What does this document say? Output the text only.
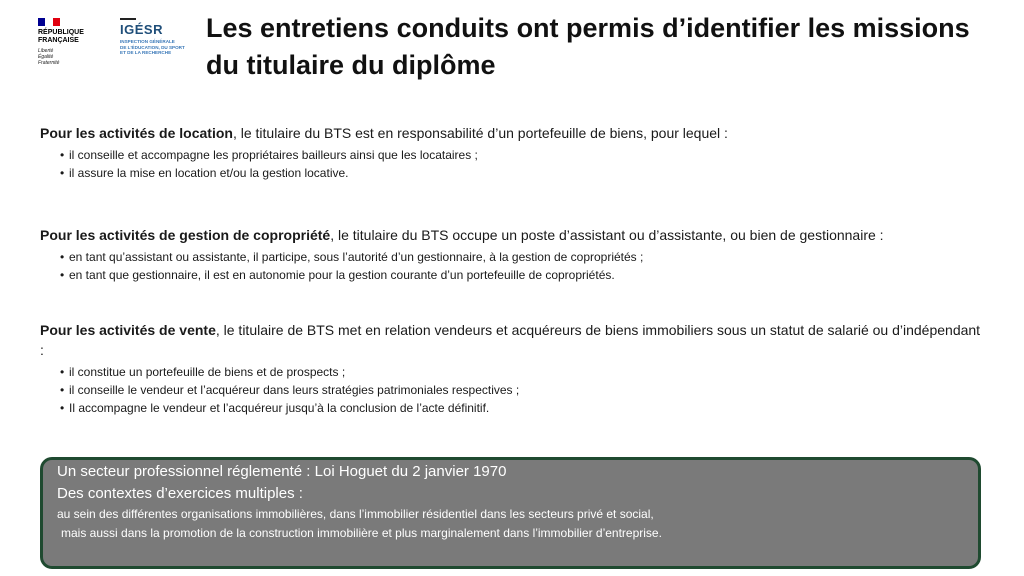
RÉPUBLIQUE
FRANÇAISE
Liberté
Égalité
Fraternité
IGÉSR
INSPECTION GÉNÉRALE
DE L'ÉDUCATION, DU SPORT
ET DE LA RECHERCHE
Les entretiens conduits ont permis d’identifier les missions du titulaire du diplôme

Pour les activités de location, le titulaire du BTS est en responsabilité d’un portefeuille de biens, pour lequel :

• il conseille et accompagne les propriétaires bailleurs ainsi que les locataires ;
• il assure la mise en location et/ou la gestion locative.

Pour les activités de gestion de copropriété, le titulaire du BTS occupe un poste d’assistant ou d’assistante, ou bien de gestionnaire :

• en tant qu’assistant ou assistante, il participe, sous l’autorité d’un gestionnaire, à la gestion de copropriétés ;
• en tant que gestionnaire, il est en autonomie pour la gestion courante d’un portefeuille de copropriétés.

Pour les activités de vente, le titulaire de BTS met en relation vendeurs et acquéreurs de biens immobiliers sous un statut de salarié ou d’indépendant :

• il constitue un portefeuille de biens et de prospects ;
• il conseille le vendeur et l’acquéreur dans leurs stratégies patrimoniales respectives ;
• Il accompagne le vendeur et l’acquéreur jusqu’à la conclusion de l’acte définitif.
Un secteur professionnel réglementé : Loi Hoguet du 2 janvier 1970
Des contextes d’exercices multiples :
au sein des différentes organisations immobilières, dans l’immobilier résidentiel dans les secteurs privé et social,
mais aussi dans la promotion de la construction immobilière et plus marginalement dans l’immobilier d’entreprise.
